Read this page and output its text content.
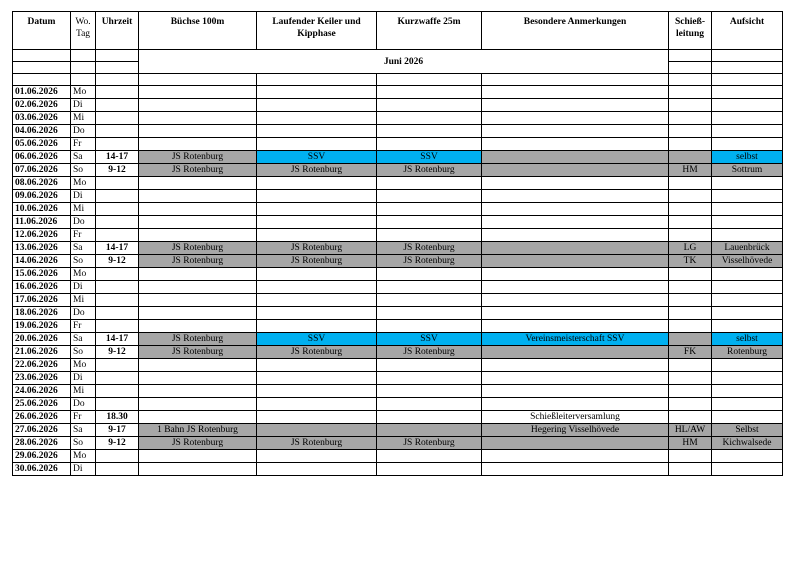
Datum	Wo. Tag	Uhrzeit	Büchse 100m	Laufender Keiler und Kipphase	Kurzwaffe 25m	Besondere Anmerkungen	Schieß-leitung	Aufsicht
			Juni 2026					

01.06.2026	Mo							
02.06.2026	Di							
03.06.2026	Mi							
04.06.2026	Do							
05.06.2026	Fr							
06.06.2026	Sa	14-17	JS Rotenburg	SSV	SSV			selbst
07.06.2026	So	9-12	JS Rotenburg	JS Rotenburg	JS Rotenburg		HM	Sottrum
08.06.2026	Mo							
09.06.2026	Di							
10.06.2026	Mi							
11.06.2026	Do							
12.06.2026	Fr							
13.06.2026	Sa	14-17	JS Rotenburg	JS Rotenburg	JS Rotenburg		LG	Lauenbrück
14.06.2026	So	9-12	JS Rotenburg	JS Rotenburg	JS Rotenburg		TK	Visselhövede
15.06.2026	Mo							
16.06.2026	Di							
17.06.2026	Mi							
18.06.2026	Do							
19.06.2026	Fr							
20.06.2026	Sa	14-17	JS Rotenburg	SSV	SSV	Vereinsmeisterschaft SSV		selbst
21.06.2026	So	9-12	JS Rotenburg	JS Rotenburg	JS Rotenburg		FK	Rotenburg
22.06.2026	Mo							
23.06.2026	Di							
24.06.2026	Mi							
25.06.2026	Do							
26.06.2026	Fr	18.30				Schießleiterversamlung		
27.06.2026	Sa	9-17	1 Bahn JS Rotenburg			Hegering Visselhövede	HL/AW	Selbst
28.06.2026	So	9-12	JS Rotenburg	JS Rotenburg	JS Rotenburg		HM	Kichwalsede
29.06.2026	Mo							
30.06.2026	Di							
